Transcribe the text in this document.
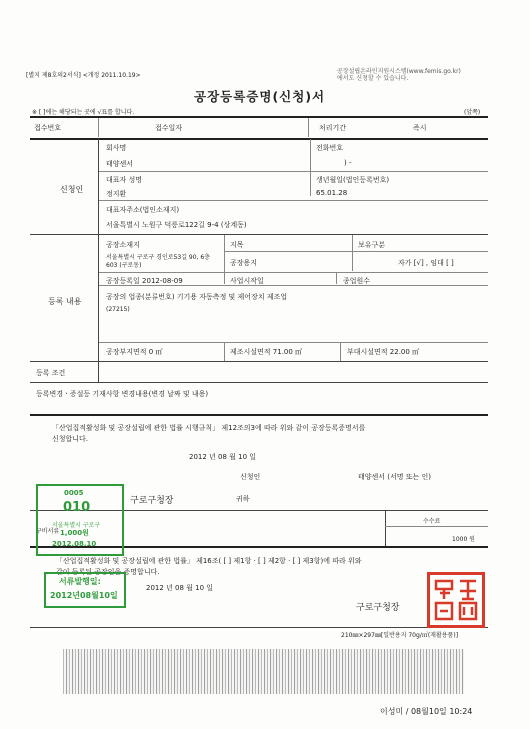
[별지 제8호의2서식] <개정 2011.10.19>
공장설립온라인지원시스템(www.femis.go.kr)
에서도 신청할 수 있습니다.
공장등록증명(신청)서
※ [ ]에는 해당되는 곳에 √표를 합니다.	(앞쪽)
접수번호	접수일자	처리기간	즉시
신청인
회사명	전화번호
태양센서	) -
대표자 성명	생년월일(법인등록번호)
정지환	65.01.28
대표자주소(법인소재지)
서울특별시 노원구 덕릉로122길 9-4 (상계동)
등록 내용
공장소재지	지목	보유구분
서울특별시 구로구 경인로53길 90, 6층 603 (구로동)	공장용지	자가 [√] , 임대 [ ]
공장등록일 2012-08-09	사업시작일	종업원수
공장의 업종(분류번호) 기기용 자동측정 및 제어장치 제조업
(27215)
공장부지면적 0 ㎡	제조시설면적 71.00 ㎡	부대시설면적 22.00 ㎡
등록 조건
등록변경ㆍ증설등 기재사항 변경내용(변경 날짜 및 내용)
「산업집적활성화 및 공장설립에 관한 법률 시행규칙」 제12조의3에 따라 위와 같이 공장등록증명서를
신청합니다.
2012 년 08 월 10 일
신청인	태양센서 (서명 또는 인)
구로구청장	귀하
구비서류
수수료
1000 원
「산업집적활성화 및 공장설립에 관한 법률」 제16조( [ ] 제1항 · [ ] 제2항 · [ ] 제3항)에 따라 위와
같이 등록된 공장임을 증명합니다.
2012 년 08 월 10 일
구로구청장
210㎜×297㎜[일반용지 70g/㎡(재활용품)]
0005
010
서울특별시 구로구
1,000원
2012.08.10
서류발행일:
2012년08월10일
이성미 / 08월10일 10:24
